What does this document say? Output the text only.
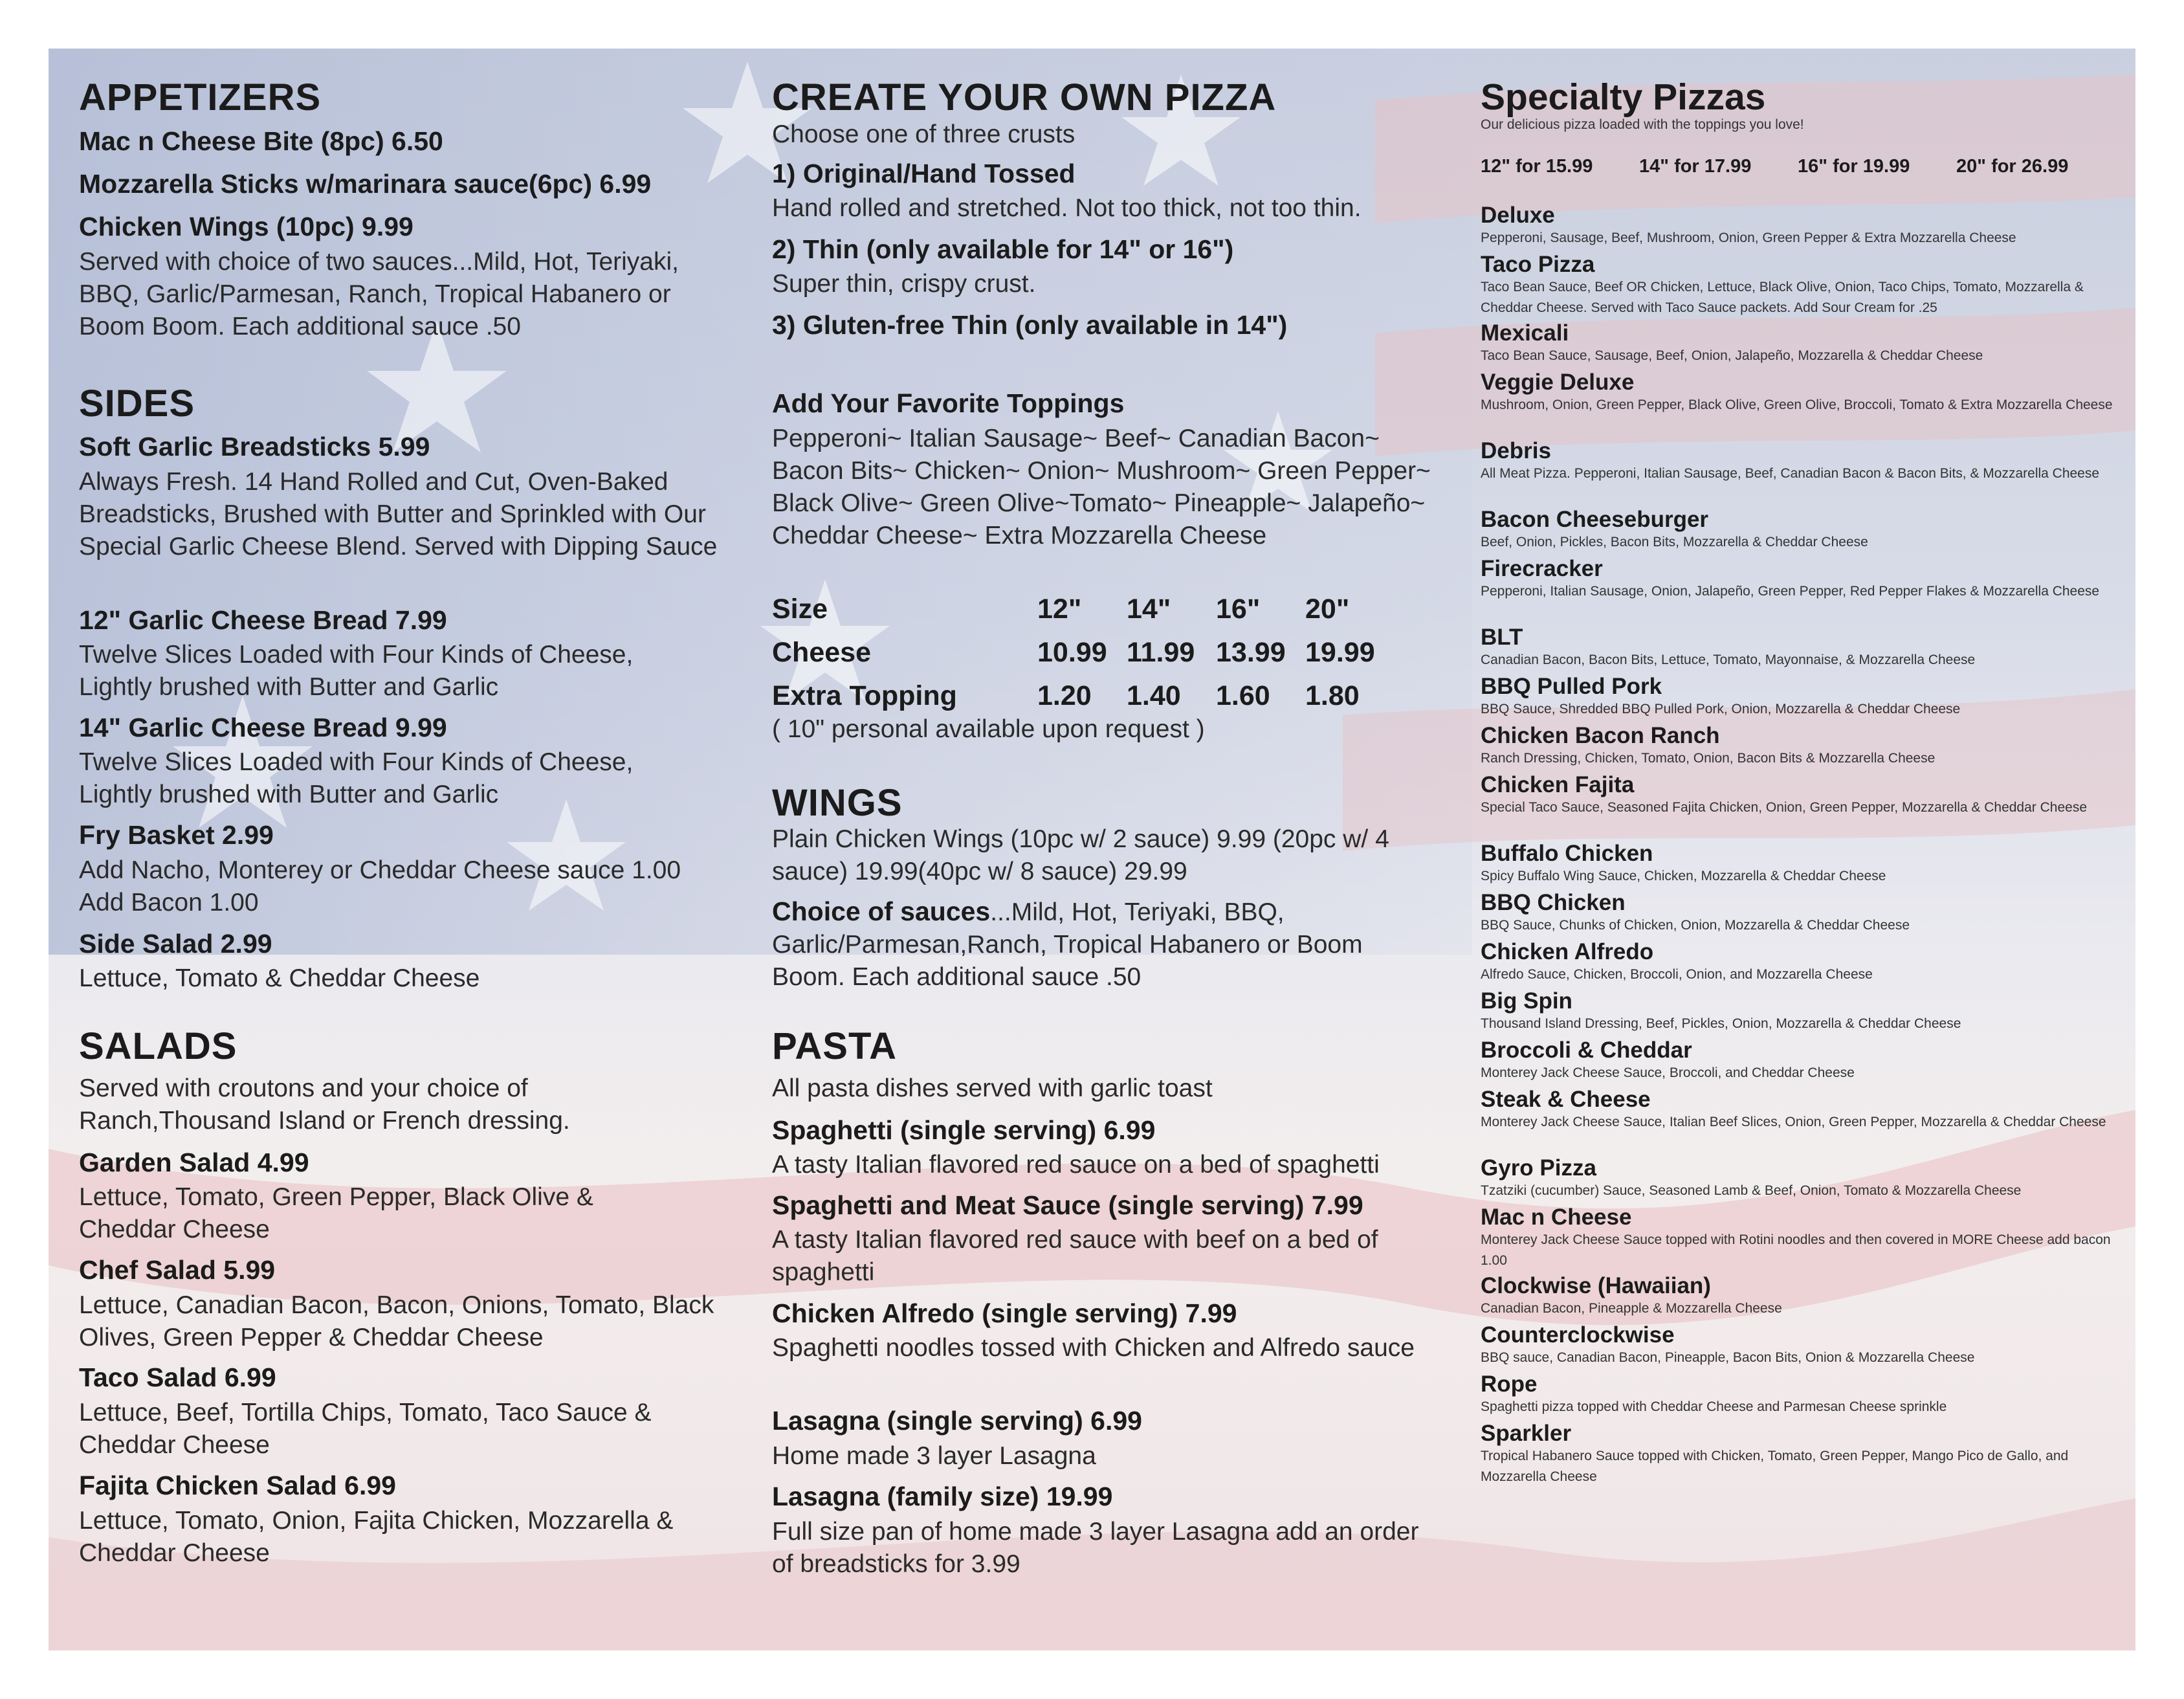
APPETIZERS

Mac n Cheese Bite (8pc) 6.50

Mozzarella Sticks w/marinara sauce(6pc) 6.99

Chicken Wings (10pc) 9.99

Served with choice of two sauces...Mild, Hot, Teriyaki, BBQ, Garlic/Parmesan, Ranch, Tropical Habanero or Boom Boom. Each additional sauce .50

SIDES

Soft Garlic Breadsticks 5.99

Always Fresh. 14 Hand Rolled and Cut, Oven-Baked Breadsticks, Brushed with Butter and Sprinkled with Our Special Garlic Cheese Blend. Served with Dipping Sauce

12" Garlic Cheese Bread 7.99

Twelve Slices Loaded with Four Kinds of Cheese, Lightly brushed with Butter and Garlic

14" Garlic Cheese Bread 9.99

Twelve Slices Loaded with Four Kinds of Cheese, Lightly brushed with Butter and Garlic

Fry Basket 2.99

Add Nacho, Monterey or Cheddar Cheese sauce 1.00 Add Bacon 1.00

Side Salad 2.99

Lettuce, Tomato & Cheddar Cheese

SALADS

Served with croutons and your choice of Ranch,Thousand Island or French dressing.

Garden Salad 4.99

Lettuce, Tomato, Green Pepper, Black Olive & Cheddar Cheese

Chef Salad 5.99

Lettuce, Canadian Bacon, Bacon, Onions, Tomato, Black Olives, Green Pepper & Cheddar Cheese

Taco Salad 6.99

Lettuce, Beef, Tortilla Chips, Tomato, Taco Sauce & Cheddar Cheese

Fajita Chicken Salad 6.99

Lettuce, Tomato, Onion, Fajita Chicken, Mozzarella & Cheddar Cheese

CREATE YOUR OWN PIZZA

Choose one of three crusts

1) Original/Hand Tossed

Hand rolled and stretched. Not too thick, not too thin.

2) Thin (only available for 14" or 16")

Super thin, crispy crust.

3) Gluten-free Thin (only available in 14")

Add Your Favorite Toppings

Pepperoni~ Italian Sausage~ Beef~ Canadian Bacon~ Bacon Bits~ Chicken~ Onion~ Mushroom~ Green Pepper~ Black Olive~ Green Olive~Tomato~ Pineapple~ Jalapeño~ Cheddar Cheese~ Extra Mozzarella Cheese

Size	12" 14" 16" 20"

Cheese	10.99 11.99 13.99 19.99

Extra Topping	1.20 1.40 1.60 1.80

( 10" personal available upon request )

WINGS

Plain Chicken Wings (10pc w/ 2 sauce) 9.99 (20pc w/ 4 sauce) 19.99(40pc w/ 8 sauce) 29.99

Choice of sauces...Mild, Hot, Teriyaki, BBQ, Garlic/Parmesan,Ranch, Tropical Habanero or Boom Boom. Each additional sauce .50

PASTA

All pasta dishes served with garlic toast

Spaghetti (single serving) 6.99

A tasty Italian flavored red sauce on a bed of spaghetti

Spaghetti and Meat Sauce (single serving) 7.99

A tasty Italian flavored red sauce with beef on a bed of spaghetti

Chicken Alfredo (single serving) 7.99

Spaghetti noodles tossed with Chicken and Alfredo sauce

Lasagna (single serving) 6.99

Home made 3 layer Lasagna

Lasagna (family size) 19.99

Full size pan of home made 3 layer Lasagna add an order of breadsticks for 3.99

Specialty Pizzas

Our delicious pizza loaded with the toppings you love!

12" for 15.99 14" for 17.99 16" for 19.99 20" for 26.99

Deluxe

Pepperoni, Sausage, Beef, Mushroom, Onion, Green Pepper & Extra Mozzarella Cheese

Taco Pizza

Taco Bean Sauce, Beef OR Chicken, Lettuce, Black Olive, Onion, Taco Chips, Tomato, Mozzarella & Cheddar Cheese. Served with Taco Sauce packets. Add Sour Cream for .25

Mexicali

Taco Bean Sauce, Sausage, Beef, Onion, Jalapeño, Mozzarella & Cheddar Cheese

Veggie Deluxe

Mushroom, Onion, Green Pepper, Black Olive, Green Olive, Broccoli, Tomato & Extra Mozzarella Cheese

Debris

All Meat Pizza. Pepperoni, Italian Sausage, Beef, Canadian Bacon & Bacon Bits, & Mozzarella Cheese

Bacon Cheeseburger

Beef, Onion, Pickles, Bacon Bits, Mozzarella & Cheddar Cheese

Firecracker

Pepperoni, Italian Sausage, Onion, Jalapeño, Green Pepper, Red Pepper Flakes & Mozzarella Cheese

BLT

Canadian Bacon, Bacon Bits, Lettuce, Tomato, Mayonnaise, & Mozzarella Cheese

BBQ Pulled Pork

BBQ Sauce, Shredded BBQ Pulled Pork, Onion, Mozzarella & Cheddar Cheese

Chicken Bacon Ranch

Ranch Dressing, Chicken, Tomato, Onion, Bacon Bits & Mozzarella Cheese

Chicken Fajita

Special Taco Sauce, Seasoned Fajita Chicken, Onion, Green Pepper, Mozzarella & Cheddar Cheese

Buffalo Chicken

Spicy Buffalo Wing Sauce, Chicken, Mozzarella & Cheddar Cheese

BBQ Chicken

BBQ Sauce, Chunks of Chicken, Onion, Mozzarella & Cheddar Cheese

Chicken Alfredo

Alfredo Sauce, Chicken, Broccoli, Onion, and Mozzarella Cheese

Big Spin

Thousand Island Dressing, Beef, Pickles, Onion, Mozzarella & Cheddar Cheese

Broccoli & Cheddar

Monterey Jack Cheese Sauce, Broccoli, and Cheddar Cheese

Steak & Cheese

Monterey Jack Cheese Sauce, Italian Beef Slices, Onion, Green Pepper, Mozzarella & Cheddar Cheese

Gyro Pizza

Tzatziki (cucumber) Sauce, Seasoned Lamb & Beef, Onion, Tomato & Mozzarella Cheese

Mac n Cheese

Monterey Jack Cheese Sauce topped with Rotini noodles and then covered in MORE Cheese add bacon 1.00

Clockwise (Hawaiian)

Canadian Bacon, Pineapple & Mozzarella Cheese

Counterclockwise

BBQ sauce, Canadian Bacon, Pineapple, Bacon Bits, Onion & Mozzarella Cheese

Rope

Spaghetti pizza topped with Cheddar Cheese and Parmesan Cheese sprinkle

Sparkler

Tropical Habanero Sauce topped with Chicken, Tomato, Green Pepper, Mango Pico de Gallo, and Mozzarella Cheese
